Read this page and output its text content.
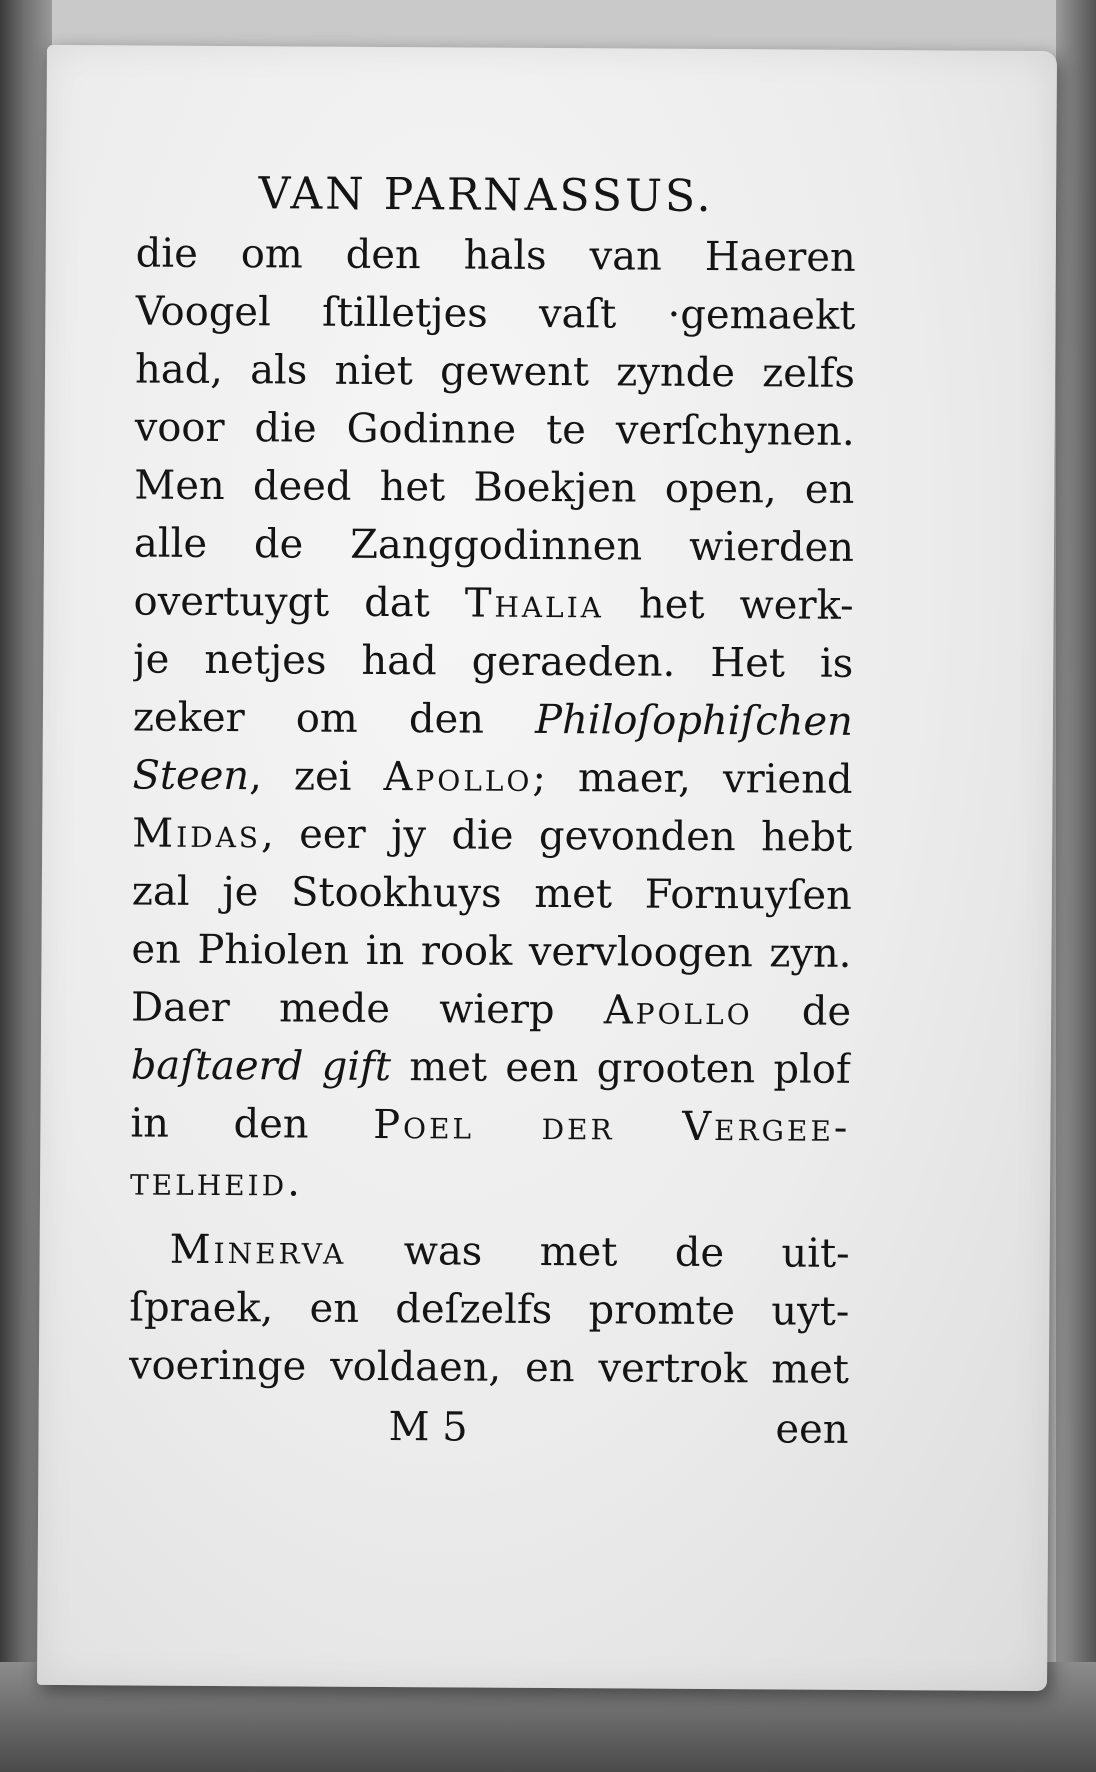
VAN PARNASSUS.
die om den hals van Haeren
Voogel ſtilletjes vaſt ·gemaekt
had, als niet gewent zynde zelfs
voor die Godinne te verſchynen.
Men deed het Boekjen open, en
alle de Zanggodinnen wierden
overtuygt dat Thalia het werk-
je netjes had geraeden. Het is
zeker om den Philoſophiſchen
Steen, zei Apollo; maer, vriend
Midas, eer jy die gevonden hebt
zal je Stookhuys met Fornuyſen
en Phiolen in rook vervloogen zyn.
Daer mede wierp Apollo de
baſtaerd gift met een grooten plof
in den Poel der Vergee-
telheid.
Minerva was met de uit-
ſpraek, en deſzelfs promte uyt-
voeringe voldaen, en vertrok met
M 5	een
